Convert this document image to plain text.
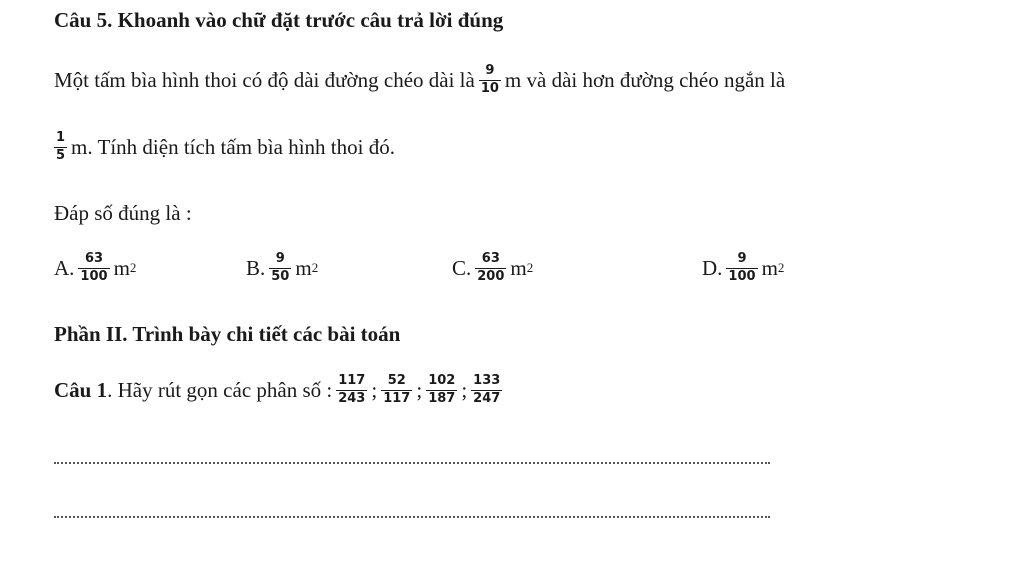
Câu 5. Khoanh vào chữ đặt trước câu trả lời đúng
Một tấm bìa hình thoi có độ dài đường chéo dài là $\frac{9}{10}$ m và dài hơn đường chéo ngắn là
$\frac{1}{5} m$. Tính diện tích tấm bìa hình thoi đó.
Đáp số đúng là :
A. $\frac{63}{100}$ m 2	B. $\frac{9}{50}$ m 2	C. $\frac{63}{200}$ m 2	D. $\frac{9}{100}$ m 2
Phần II. Trình bày chi tiết các bài toán
Câu 1 . Hãy rút gọn các phân số : $\frac{117}{243}$ ; $\frac{52}{117}$ ; $\frac{102}{187}$ ; $\frac{133}{247}$
